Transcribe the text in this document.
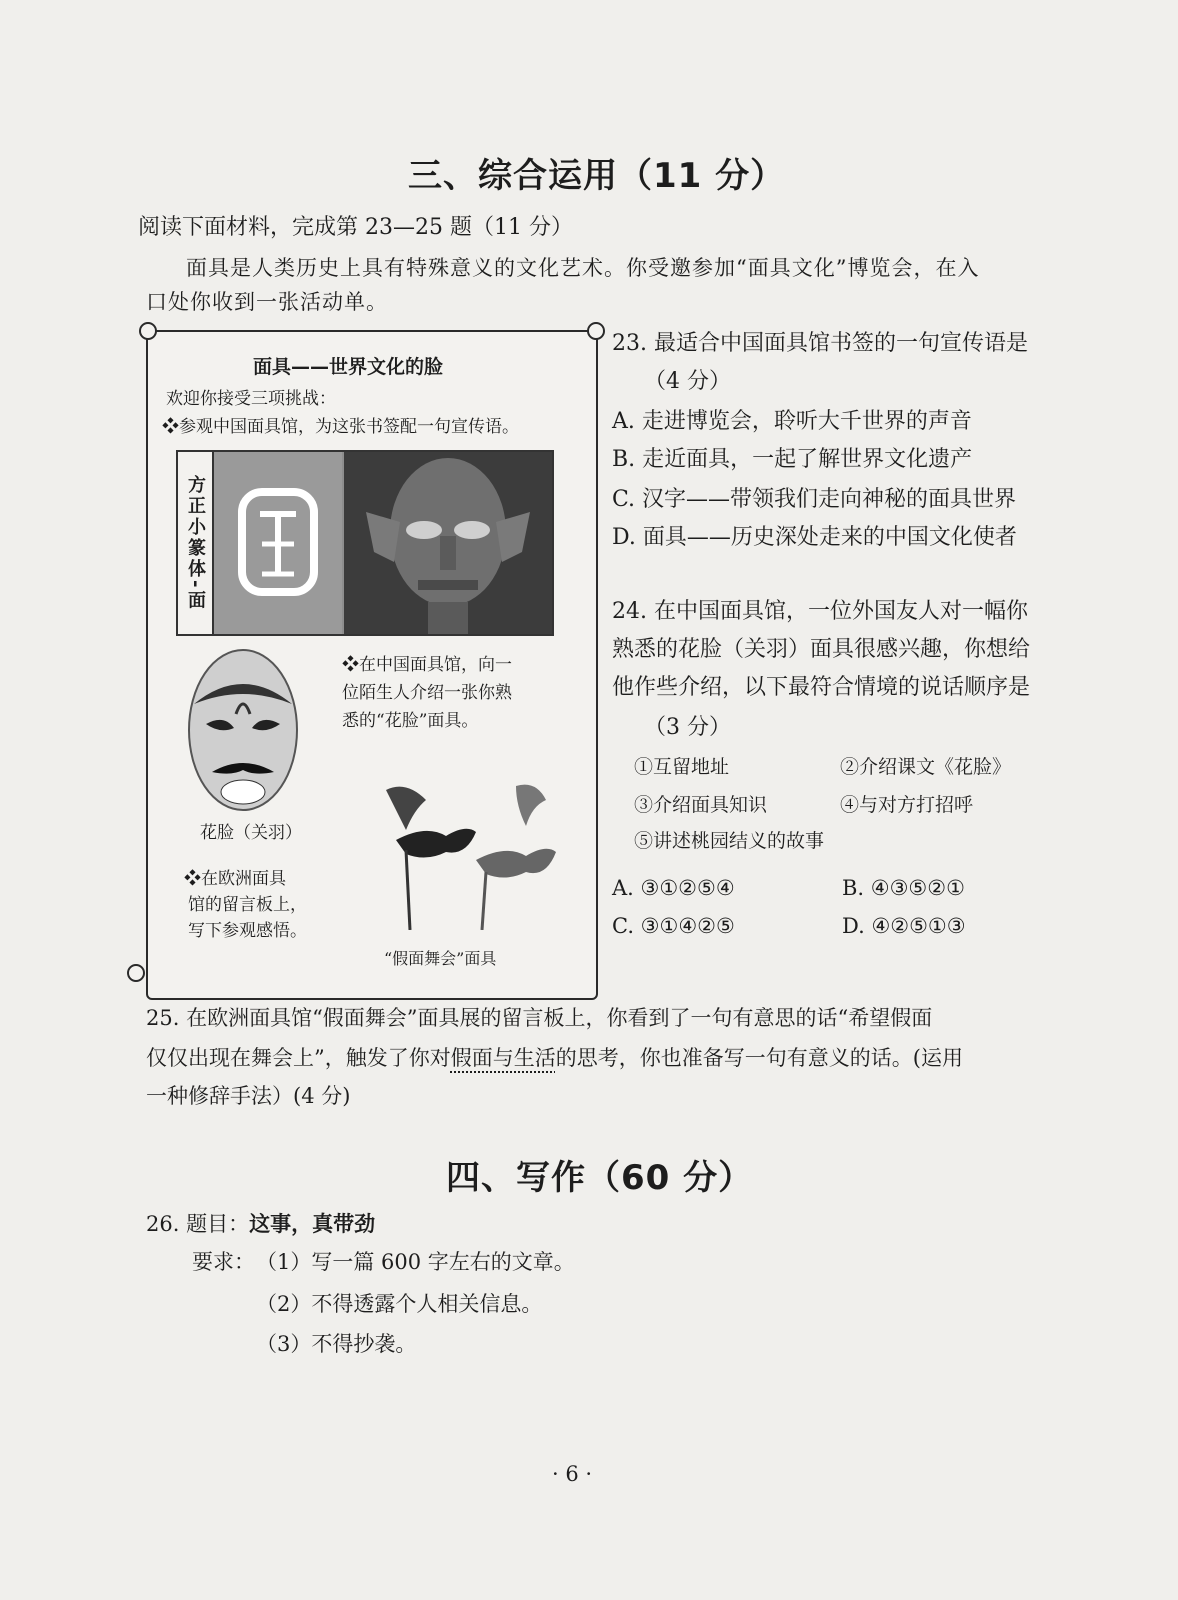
三、综合运用（11 分）
阅读下面材料，完成第 23—25 题（11 分）
面具是人类历史上具有特殊意义的文化艺术。你受邀参加“面具文化”博览会，在入
口处你收到一张活动单。
面具——世界文化的脸
欢迎你接受三项挑战：
❖参观中国面具馆，为这张书签配一句宣传语。
方正小篆体-面
❖在中国面具馆，向一
位陌生人介绍一张你熟
悉的“花脸”面具。
花脸（关羽）
❖在欧洲面具
馆的留言板上，
写下参观感悟。
“假面舞会”面具
23. 最适合中国面具馆书签的一句宣传语是
（4 分）
A. 走进博览会，聆听大千世界的声音
B. 走近面具，一起了解世界文化遗产
C. 汉字——带领我们走向神秘的面具世界
D. 面具——历史深处走来的中国文化使者
24. 在中国面具馆，一位外国友人对一幅你
熟悉的花脸（关羽）面具很感兴趣，你想给
他作些介绍，以下最符合情境的说话顺序是
（3 分）
①互留地址	②介绍课文《花脸》
③介绍面具知识	④与对方打招呼
⑤讲述桃园结义的故事
A. ③①②⑤④	B. ④③⑤②①
C. ③①④②⑤	D. ④②⑤①③
25. 在欧洲面具馆“假面舞会”面具展的留言板上，你看到了一句有意思的话“希望假面
仅仅出现在舞会上”，触发了你对假面与生活的思考，你也准备写一句有意义的话。(运用
一种修辞手法）(4 分)
四、写作（60 分）
26. 题目：这事，真带劲
要求： （1）写一篇 600 字左右的文章。
（2）不得透露个人相关信息。
（3）不得抄袭。
· 6 ·
